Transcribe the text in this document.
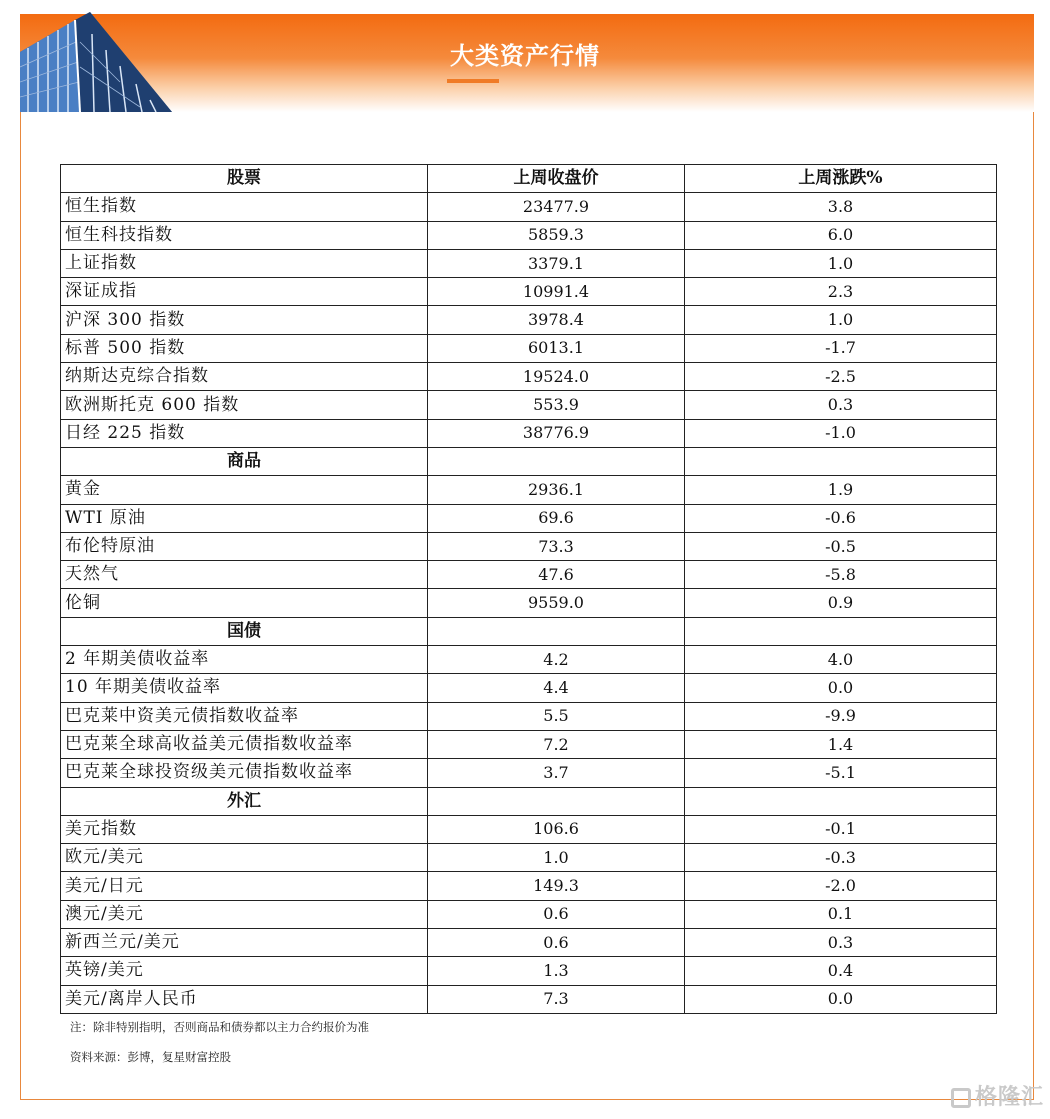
大类资产行情
股票	上周收盘价	上周涨跌%
恒生指数	23477.9	3.8
恒生科技指数	5859.3	6.0
上证指数	3379.1	1.0
深证成指	10991.4	2.3
沪深 300 指数	3978.4	1.0
标普 500 指数	6013.1	-1.7
纳斯达克综合指数	19524.0	-2.5
欧洲斯托克 600 指数	553.9	0.3
日经 225 指数	38776.9	-1.0
商品		
黄金	2936.1	1.9
WTI 原油	69.6	-0.6
布伦特原油	73.3	-0.5
天然气	47.6	-5.8
伦铜	9559.0	0.9
国债		
2 年期美债收益率	4.2	4.0
10 年期美债收益率	4.4	0.0
巴克莱中资美元债指数收益率	5.5	-9.9
巴克莱全球高收益美元债指数收益率	7.2	1.4
巴克莱全球投资级美元债指数收益率	3.7	-5.1
外汇		
美元指数	106.6	-0.1
欧元/美元	1.0	-0.3
美元/日元	149.3	-2.0
澳元/美元	0.6	0.1
新西兰元/美元	0.6	0.3
英镑/美元	1.3	0.4
美元/离岸人民币	7.3	0.0
注：除非特别指明，否则商品和债券都以主力合约报价为准
资料来源：彭博，复星财富控股
格隆汇
